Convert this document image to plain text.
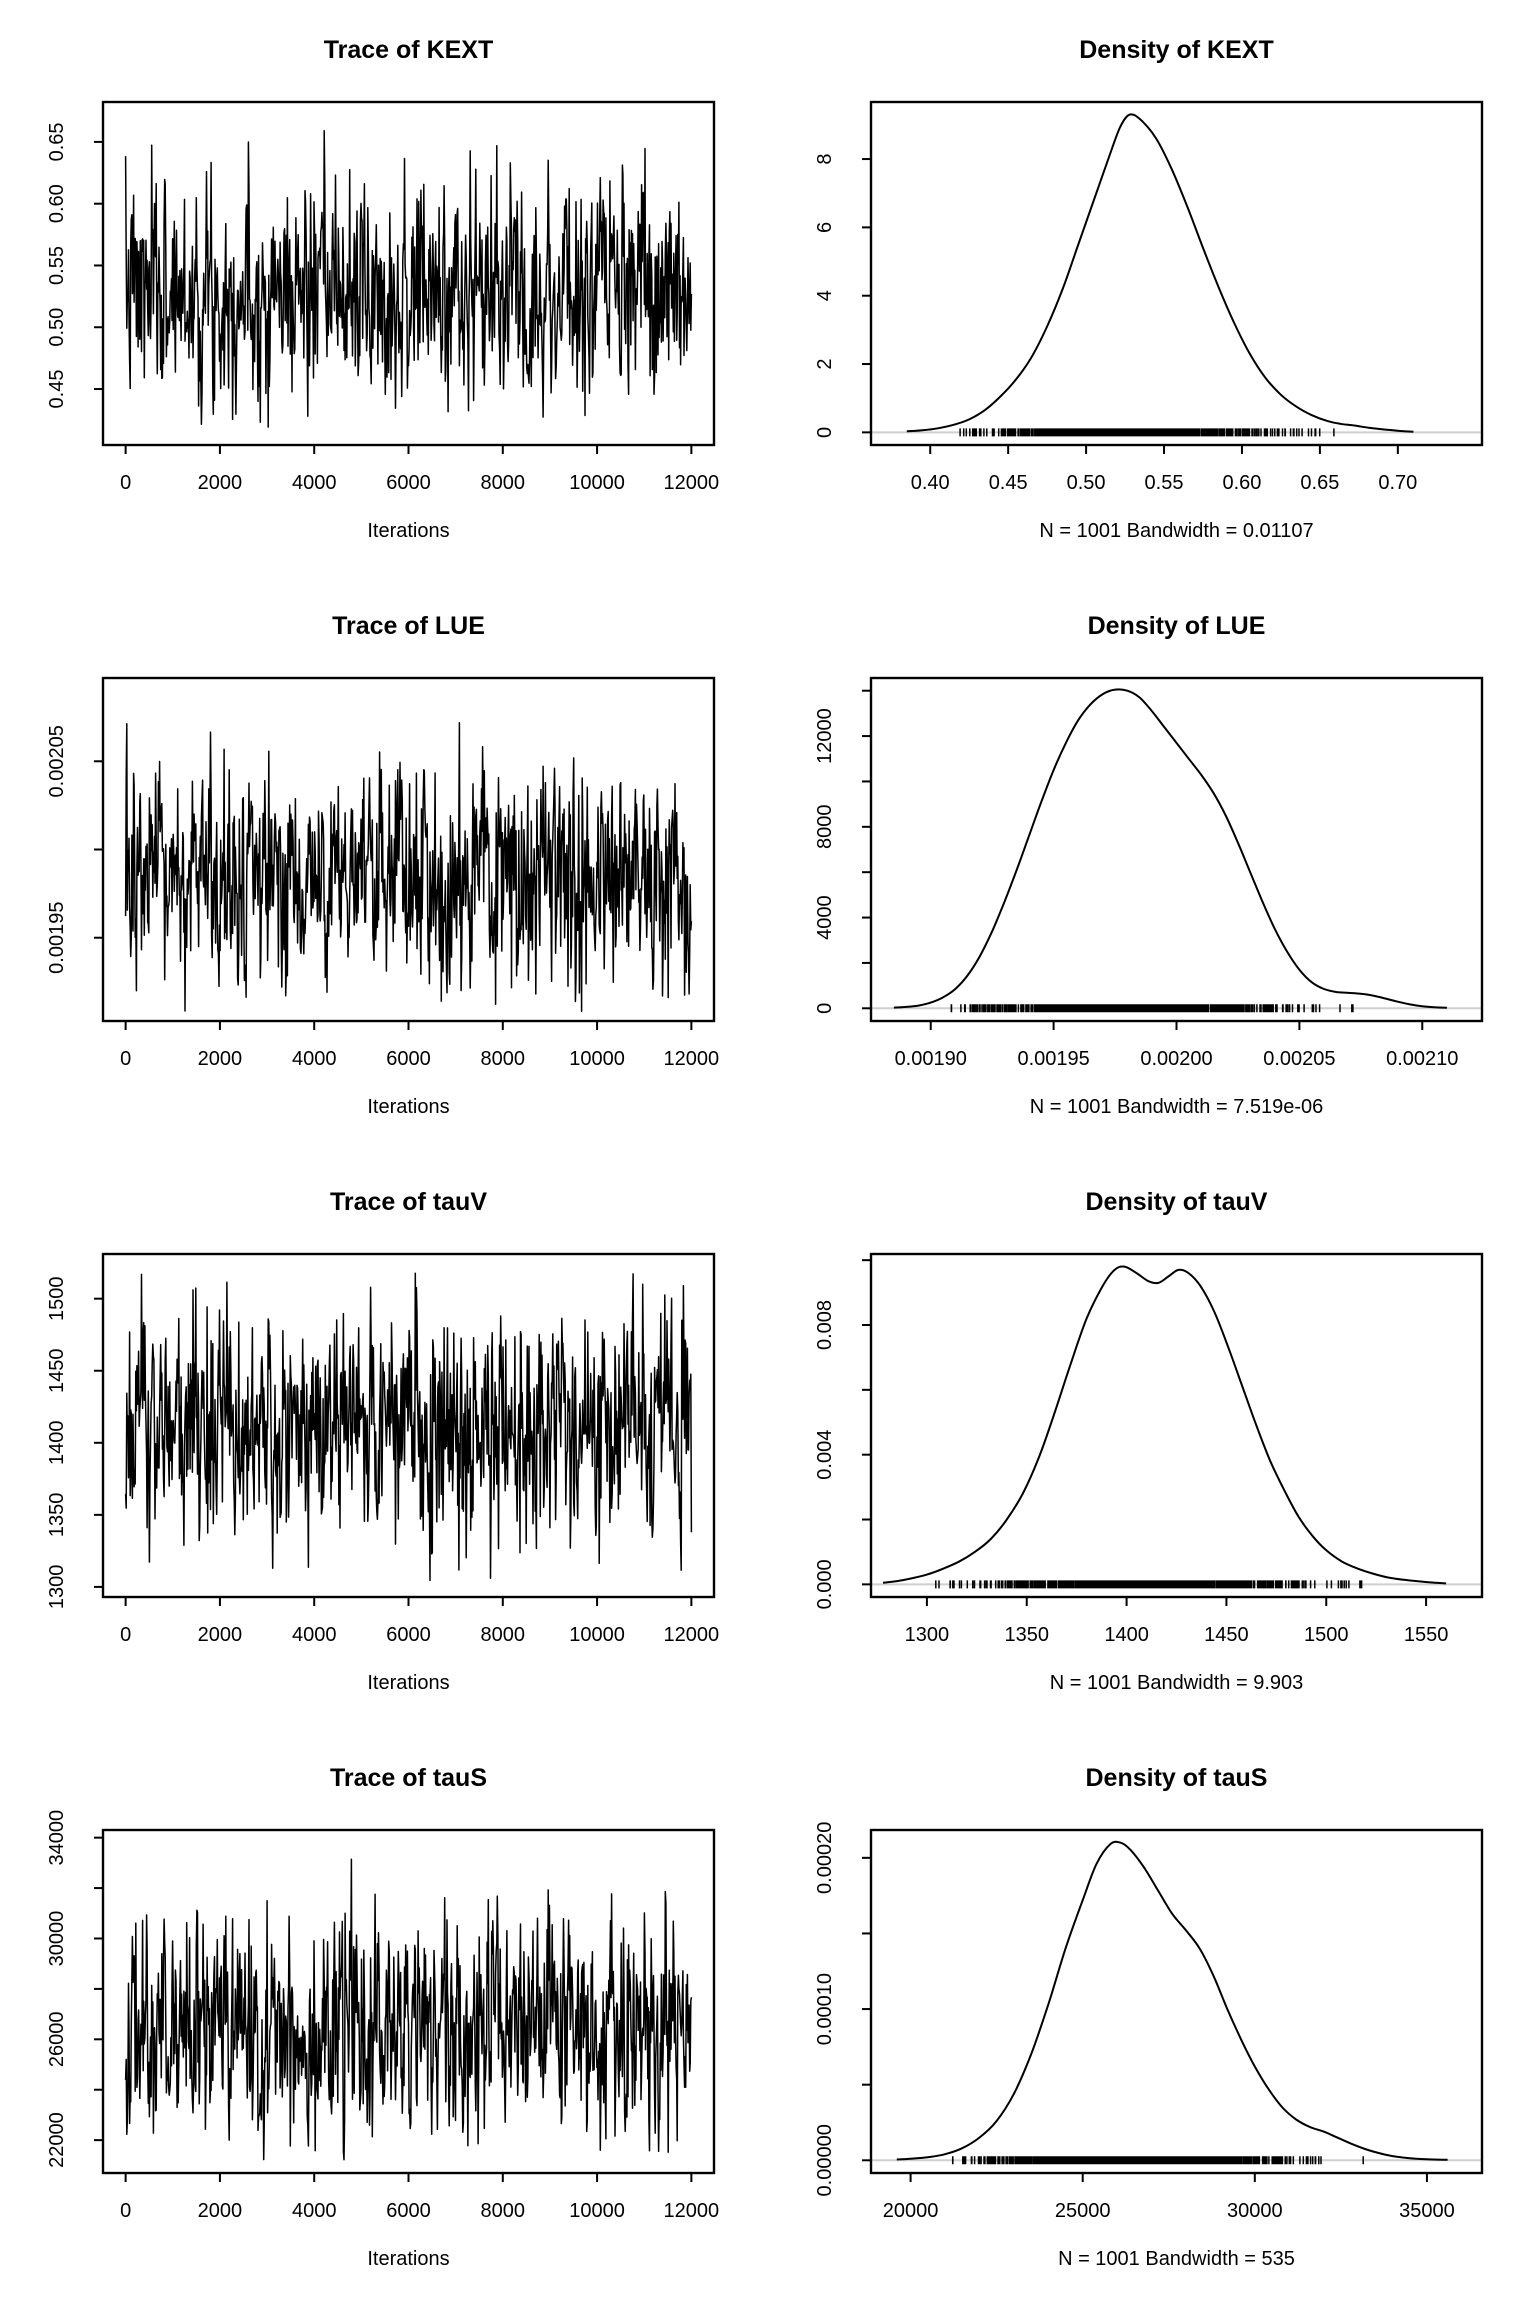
Trace of KEXT
0	2000 4000 6000 8000 10000 12000
0.45
0.50
0.55
0.60
0.65
Iterations
Density of KEXT
0.40 0.45 0.50 0.55 0.60 0.65 0.70
0
2
4
6
8
N = 1001 Bandwidth = 0.01107
Trace of LUE
0	2000 4000 6000 8000 10000 12000
0.00195
0.00205
Iterations
Density of LUE
0.00190	0.00195	0.00200	0.00205	0.00210
0
4000
8000
12000
N = 1001 Bandwidth = 7.519e-06
Trace of tauV
0	2000 4000 6000 8000 10000 12000
1300
1350
1400
1450
1500
Iterations
Density of tauV
1300	1350	1400	1450	1500	1550
0.000
0.004
0.008
N = 1001 Bandwidth = 9.903
Trace of tauS
0	2000 4000 6000 8000 10000 12000
22000
26000
30000
34000
Iterations
Density of tauS
20000	25000	30000	35000
0.00000
0.00010
0.00020
N = 1001 Bandwidth = 535
